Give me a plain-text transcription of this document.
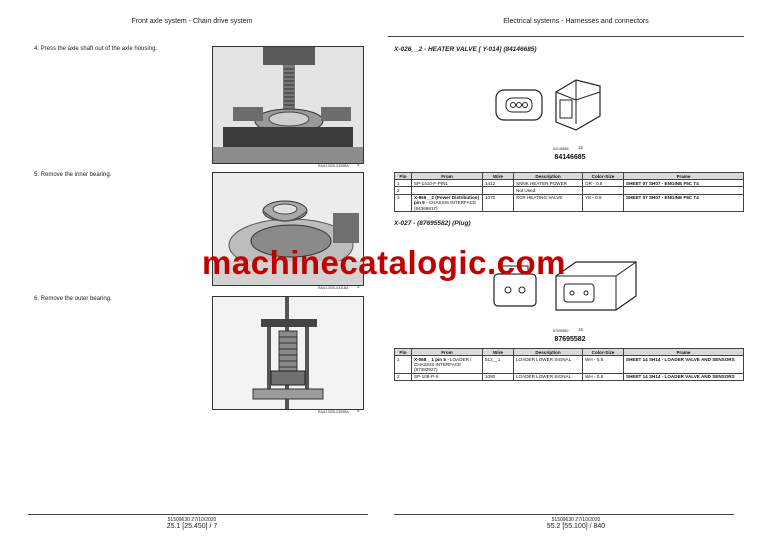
Front axle system - Chain drive system
4. Press the axle shaft out of the axle housing.
RAIL13SSL0308BA 4
5. Remove the inner bearing.
RAIL13SSL0311BA 5
6. Remove the outer bearing.
RAIL13SSL0309BA 6
51509630 27/10/2020
25.1 [25.450] / 7
Electrical systems - Harnesses and connectors
51509630 27/10/2020
55.2 [55.100] / 840
X-026__2 - HEATER VALVE [ Y-014] (84146685)
84146685 15
84146685
Pin	From	Wire	Description	Color-Size	Frame
1	SP-1410-F-PIN1	1412	SNNK HEATER POWER	OR - 0.8	SHEET 07 SH07 - ENGINE F5C T4
2			Not Used		
3	X-966__2 (Power Distribution) pin 9 - CHASSIS INTERFACE (84369917)	1070	SCR HEATING VALVE	YE - 0.8	SHEET 07 SH07 - ENGINE F5C T4
X-027 - (87695582) (Plug)
87695582 16
87695582
Pin	From	Wire	Description	Color-Size	Frame
1	X-068__1 pin 5 - LOADER / CHASSIS INTERFACE (87382927)	512__1	LOADER LOWER SIGNAL	WH - 0.8	SHEET 14 SH14 - LOADER VALVE AND SENSORS
2	SP-108-P-X	1080	LOADER LOWER SIGNAL	WH - 0.8	SHEET 14 SH14 - LOADER VALVE AND SENSORS
machinecatalogic.com
